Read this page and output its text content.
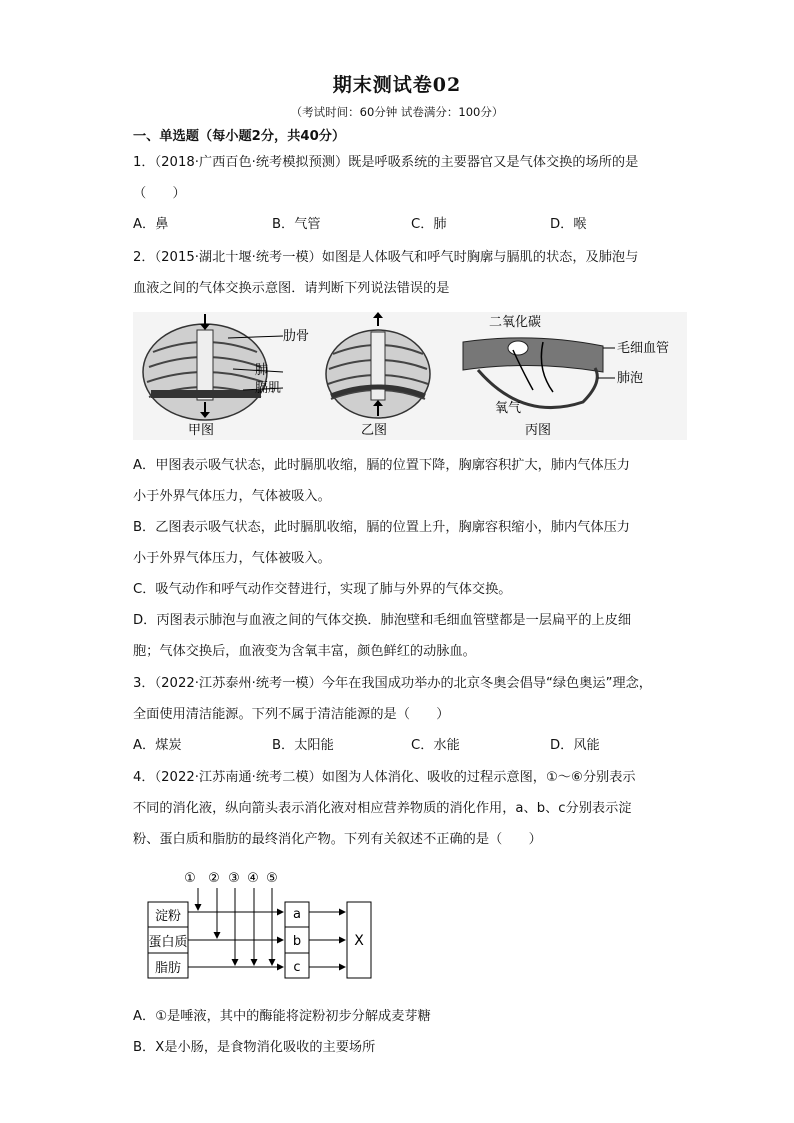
期末测试卷02
（考试时间：60分钟 试卷满分：100分）
一、单选题（每小题2分，共40分）
1．（2018·广西百色·统考模拟预测）既是呼吸系统的主要器官又是气体交换的场所的是
（　　）
A．鼻	B．气管	C．肺	D．喉
2．（2015·湖北十堰·统考一模）如图是人体吸气和呼气时胸廓与膈肌的状态，及肺泡与
血液之间的气体交换示意图．请判断下列说法错误的是
肋骨
肺
膈肌
甲图	乙图
二氧化碳
毛细血管
肺泡
氧气
丙图
A．甲图表示吸气状态，此时膈肌收缩，膈的位置下降，胸廓容积扩大，肺内气体压力
小于外界气体压力，气体被吸入。
B．乙图表示吸气状态，此时膈肌收缩，膈的位置上升，胸廓容积缩小，肺内气体压力
小于外界气体压力，气体被吸入。
C．吸气动作和呼气动作交替进行，实现了肺与外界的气体交换。
D．丙图表示肺泡与血液之间的气体交换．肺泡壁和毛细血管壁都是一层扁平的上皮细
胞；气体交换后，血液变为含氧丰富，颜色鲜红的动脉血。
3．（2022·江苏泰州·统考一模）今年在我国成功举办的北京冬奥会倡导“绿色奥运”理念，
全面使用清洁能源。下列不属于清洁能源的是（　　）
A．煤炭	B．太阳能	C．水能	D．风能
4．（2022·江苏南通·统考二模）如图为人体消化、吸收的过程示意图，①～⑥分别表示
不同的消化液，纵向箭头表示消化液对相应营养物质的消化作用，a、b、c分别表示淀
粉、蛋白质和脂肪的最终消化产物。下列有关叙述不正确的是（　　）
① ② ③ ④ ⑤
淀粉
蛋白质
脂肪
a
b
c
X
A．①是唾液，其中的酶能将淀粉初步分解成麦芽糖
B．X是小肠，是食物消化吸收的主要场所
